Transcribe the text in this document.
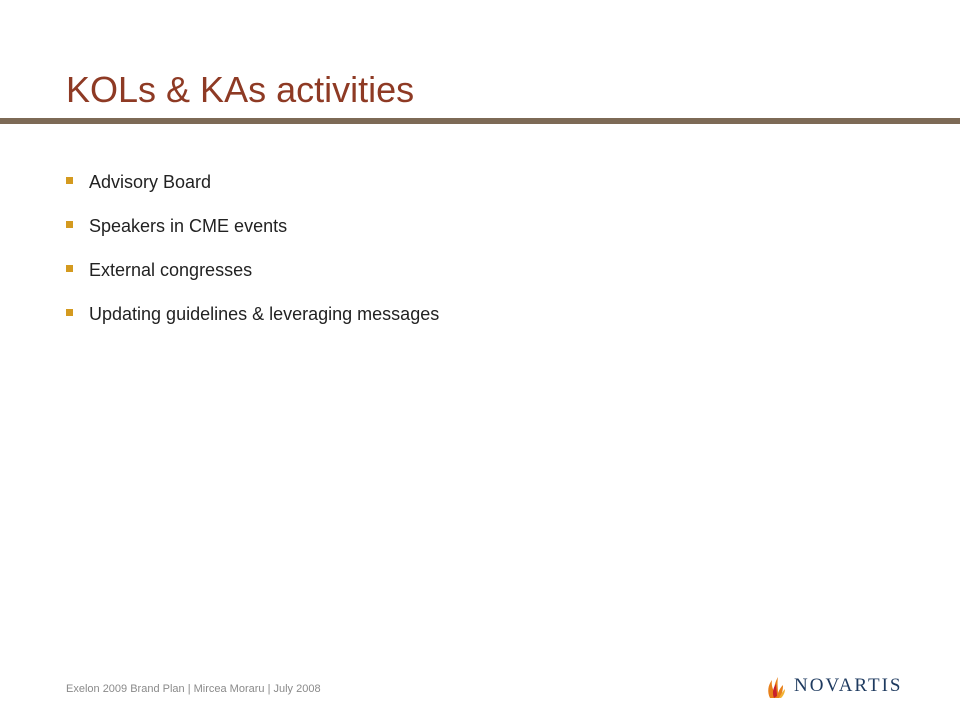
KOLs & KAs activities
Advisory Board
Speakers in CME events
External congresses
Updating guidelines & leveraging messages
Exelon 2009 Brand Plan | Mircea Moraru | July 2008	NOVARTIS
